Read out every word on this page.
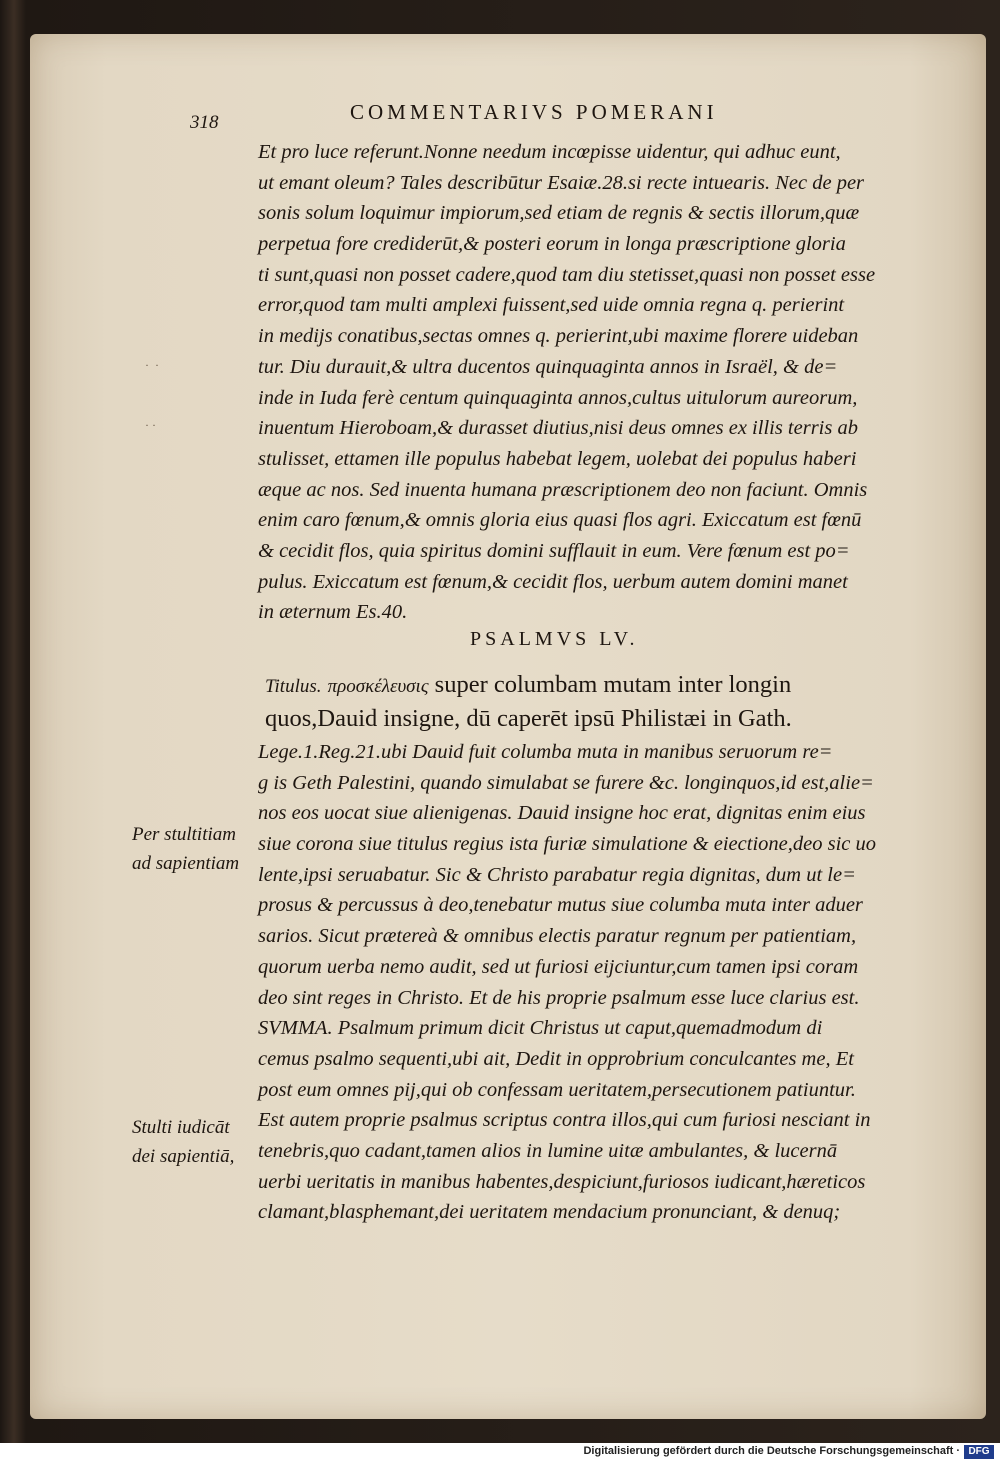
318	COMMENTARIVS POMERANI
·  ·

· ·
Et pro luce referunt.Nonne needum incœpisse uidentur, qui adhuc eunt,
ut emant oleum? Tales describūtur Esaiæ.28.si recte intuearis. Nec de per
sonis solum loquimur impiorum,sed etiam de regnis & sectis illorum,quæ
perpetua fore crediderūt,& posteri eorum in longa præscriptione gloria
ti sunt,quasi non posset cadere,quod tam diu stetisset,quasi non posset esse
error,quod tam multi amplexi fuissent,sed uide omnia regna q. perierint
in medijs conatibus,sectas omnes q. perierint,ubi maxime florere uideban
tur. Diu durauit,& ultra ducentos quinquaginta annos in Israël, & de=
inde in Iuda ferè centum quinquaginta annos,cultus uitulorum aureorum,
inuentum Hieroboam,& durasset diutius,nisi deus omnes ex illis terris ab
stulisset, ettamen ille populus habebat legem, uolebat dei populus haberi
æque ac nos. Sed inuenta humana præscriptionem deo non faciunt. Omnis
enim caro fœnum,& omnis gloria eius quasi flos agri. Exiccatum est fœnū
& cecidit flos, quia spiritus domini sufflauit in eum. Vere fœnum est po=
pulus. Exiccatum est fœnum,& cecidit flos, uerbum autem domini manet
in æternum Es.40.
PSALMVS LV.
Titulus. προσκέλευσις super columbam mutam inter longin
quos,Dauid insigne, dū caperēt ipsū Philistæi in Gath.
Lege.1.Reg.21.ubi Dauid fuit columba muta in manibus seruorum re=
g is Geth Palestini, quando simulabat se furere &c. longinquos,id est,alie=
nos eos uocat siue alienigenas. Dauid insigne hoc erat, dignitas enim eius
siue corona siue titulus regius ista furiæ simulatione & eiectione,deo sic uo
lente,ipsi seruabatur. Sic & Christo parabatur regia dignitas, dum ut le=
prosus & percussus à deo,tenebatur mutus siue columba muta inter aduer
sarios. Sicut prætereà & omnibus electis paratur regnum per patientiam,
quorum uerba nemo audit, sed ut furiosi eijciuntur,cum tamen ipsi coram
deo sint reges in Christo. Et de his proprie psalmum esse luce clarius est.
SVMMA. Psalmum primum dicit Christus ut caput,quemadmodum di
cemus psalmo sequenti,ubi ait, Dedit in opprobrium conculcantes me, Et
post eum omnes pij,qui ob confessam ueritatem,persecutionem patiuntur.
Est autem proprie psalmus scriptus contra illos,qui cum furiosi nesciant in
tenebris,quo cadant,tamen alios in lumine uitæ ambulantes, & lucernā
uerbi ueritatis in manibus habentes,despiciunt,furiosos iudicant,hæreticos
clamant,blasphemant,dei ueritatem mendacium pronunciant, & denuq;
Per stultitiam
ad sapientiam
Stulti iudicāt
dei sapientiā,
Digitalisierung gefördert durch die Deutsche Forschungsgemeinschaft · DFG
